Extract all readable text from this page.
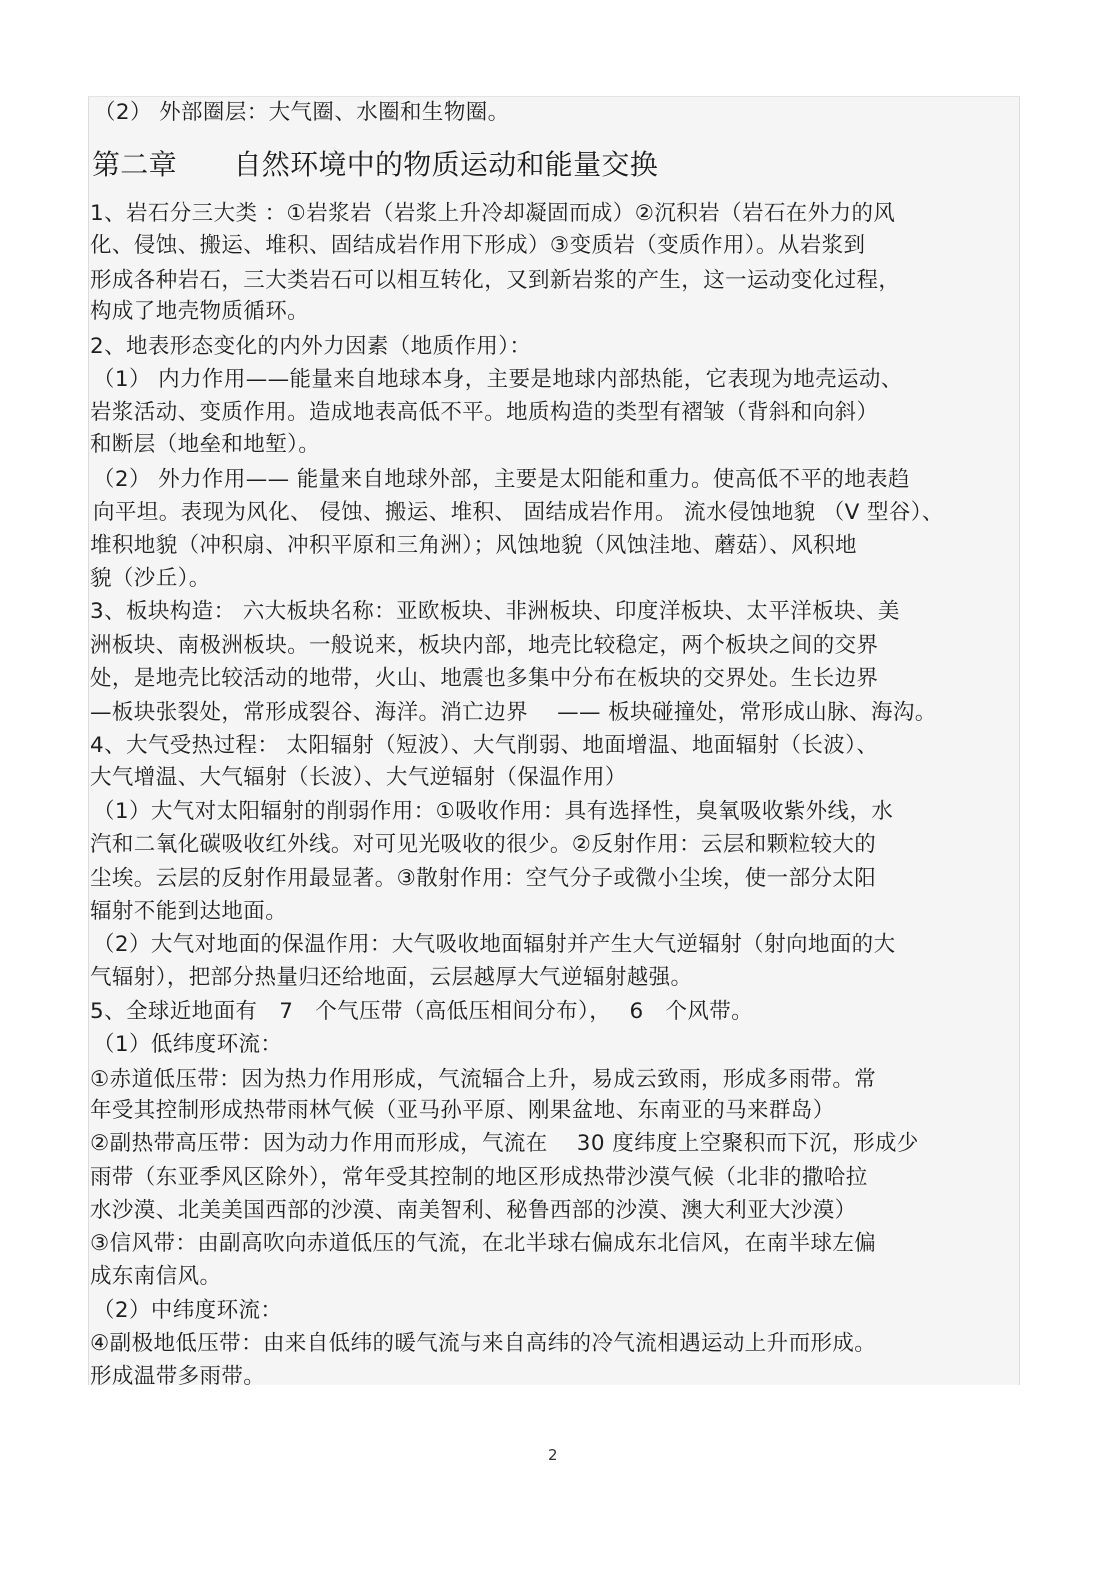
（2） 外部圈层：大气圈、水圈和生物圈。
第二章　　自然环境中的物质运动和能量交换
1、岩石分三大类 ：①岩浆岩（岩浆上升冷却凝固而成）②沉积岩（岩石在外力的风
化、侵蚀、搬运、堆积、固结成岩作用下形成）③变质岩（变质作用）。从岩浆到
形成各种岩石，三大类岩石可以相互转化，又到新岩浆的产生，这一运动变化过程，
构成了地壳物质循环。
2、地表形态变化的内外力因素（地质作用）：
（1） 内力作用——能量来自地球本身，主要是地球内部热能，它表现为地壳运动、
岩浆活动、变质作用。造成地表高低不平。地质构造的类型有褶皱（背斜和向斜）
和断层（地垒和地堑）。
（2） 外力作用—— 能量来自地球外部，主要是太阳能和重力。使高低不平的地表趋
向平坦。表现为风化、 侵蚀、搬运、堆积、 固结成岩作用。 流水侵蚀地貌 （V 型谷）、
堆积地貌（冲积扇、冲积平原和三角洲）；风蚀地貌（风蚀洼地、蘑菇）、风积地
貌（沙丘）。
3、板块构造： 六大板块名称：亚欧板块、非洲板块、印度洋板块、太平洋板块、美
洲板块、南极洲板块。一般说来，板块内部，地壳比较稳定，两个板块之间的交界
处，是地壳比较活动的地带，火山、地震也多集中分布在板块的交界处。生长边界
—板块张裂处，常形成裂谷、海洋。消亡边界　 —— 板块碰撞处，常形成山脉、海沟。
4、大气受热过程： 太阳辐射（短波）、大气削弱、地面增温、地面辐射（长波）、
大气增温、大气辐射（长波）、大气逆辐射（保温作用）
（1）大气对太阳辐射的削弱作用：①吸收作用：具有选择性，臭氧吸收紫外线，水
汽和二氧化碳吸收红外线。对可见光吸收的很少。②反射作用：云层和颗粒较大的
尘埃。云层的反射作用最显著。③散射作用：空气分子或微小尘埃，使一部分太阳
辐射不能到达地面。
（2）大气对地面的保温作用：大气吸收地面辐射并产生大气逆辐射（射向地面的大
气辐射），把部分热量归还给地面，云层越厚大气逆辐射越强。
5、全球近地面有　7　个气压带（高低压相间分布），　 6　个风带。
（1）低纬度环流：
①赤道低压带：因为热力作用形成，气流辐合上升，易成云致雨，形成多雨带。常
年受其控制形成热带雨林气候（亚马孙平原、刚果盆地、东南亚的马来群岛）
②副热带高压带：因为动力作用而形成，气流在　 30 度纬度上空聚积而下沉，形成少
雨带（东亚季风区除外），常年受其控制的地区形成热带沙漠气候（北非的撒哈拉
水沙漠、北美美国西部的沙漠、南美智利、秘鲁西部的沙漠、澳大利亚大沙漠）
③信风带：由副高吹向赤道低压的气流，在北半球右偏成东北信风，在南半球左偏
成东南信风。
（2）中纬度环流：
④副极地低压带：由来自低纬的暖气流与来自高纬的冷气流相遇运动上升而形成。
形成温带多雨带。
2
